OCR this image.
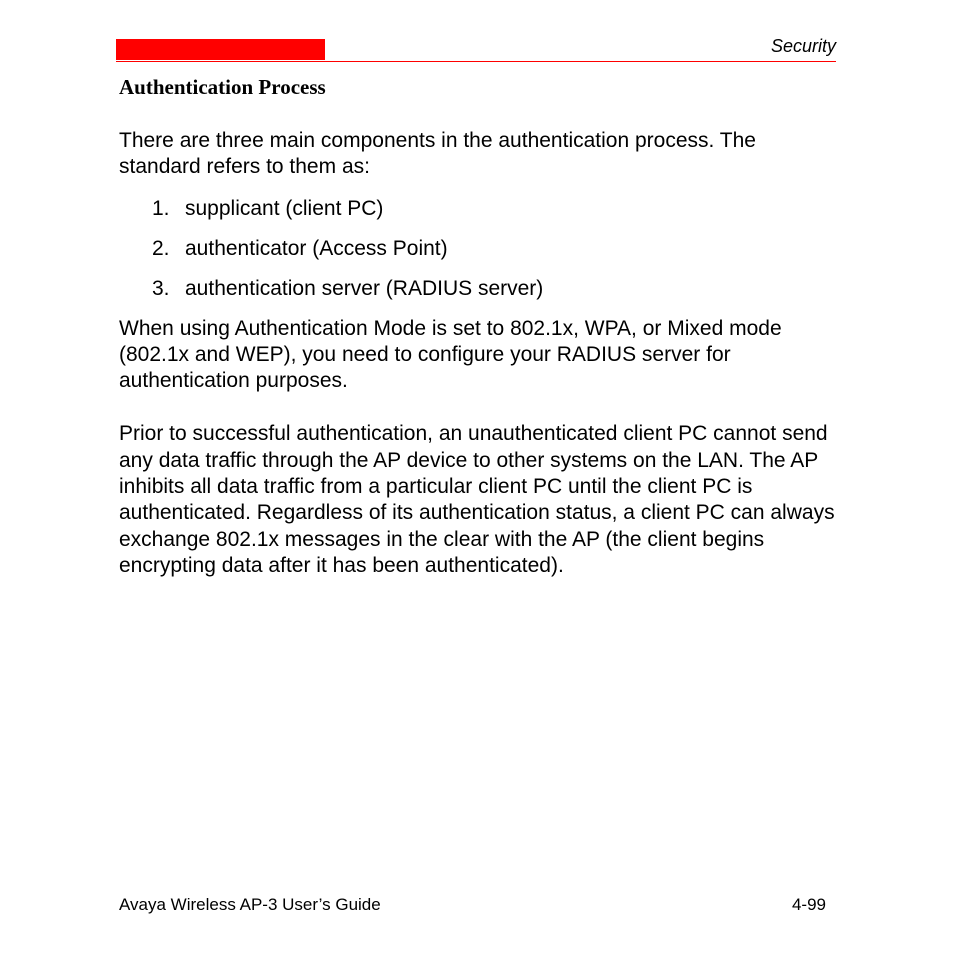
Security
Authentication Process

There are three main components in the authentication process. The standard refers to them as:

1. supplicant (client PC)
2. authenticator (Access Point)
3. authentication server (RADIUS server)

When using Authentication Mode is set to 802.1x, WPA, or Mixed mode (802.1x and WEP), you need to configure your RADIUS server for authentication purposes.

Prior to successful authentication, an unauthenticated client PC cannot send any data traffic through the AP device to other systems on the LAN. The AP inhibits all data traffic from a particular client PC until the client PC is authenticated. Regardless of its authentication status, a client PC can always exchange 802.1x messages in the clear with the AP (the client begins encrypting data after it has been authenticated).

Avaya Wireless AP-3 User’s Guide	4-99
